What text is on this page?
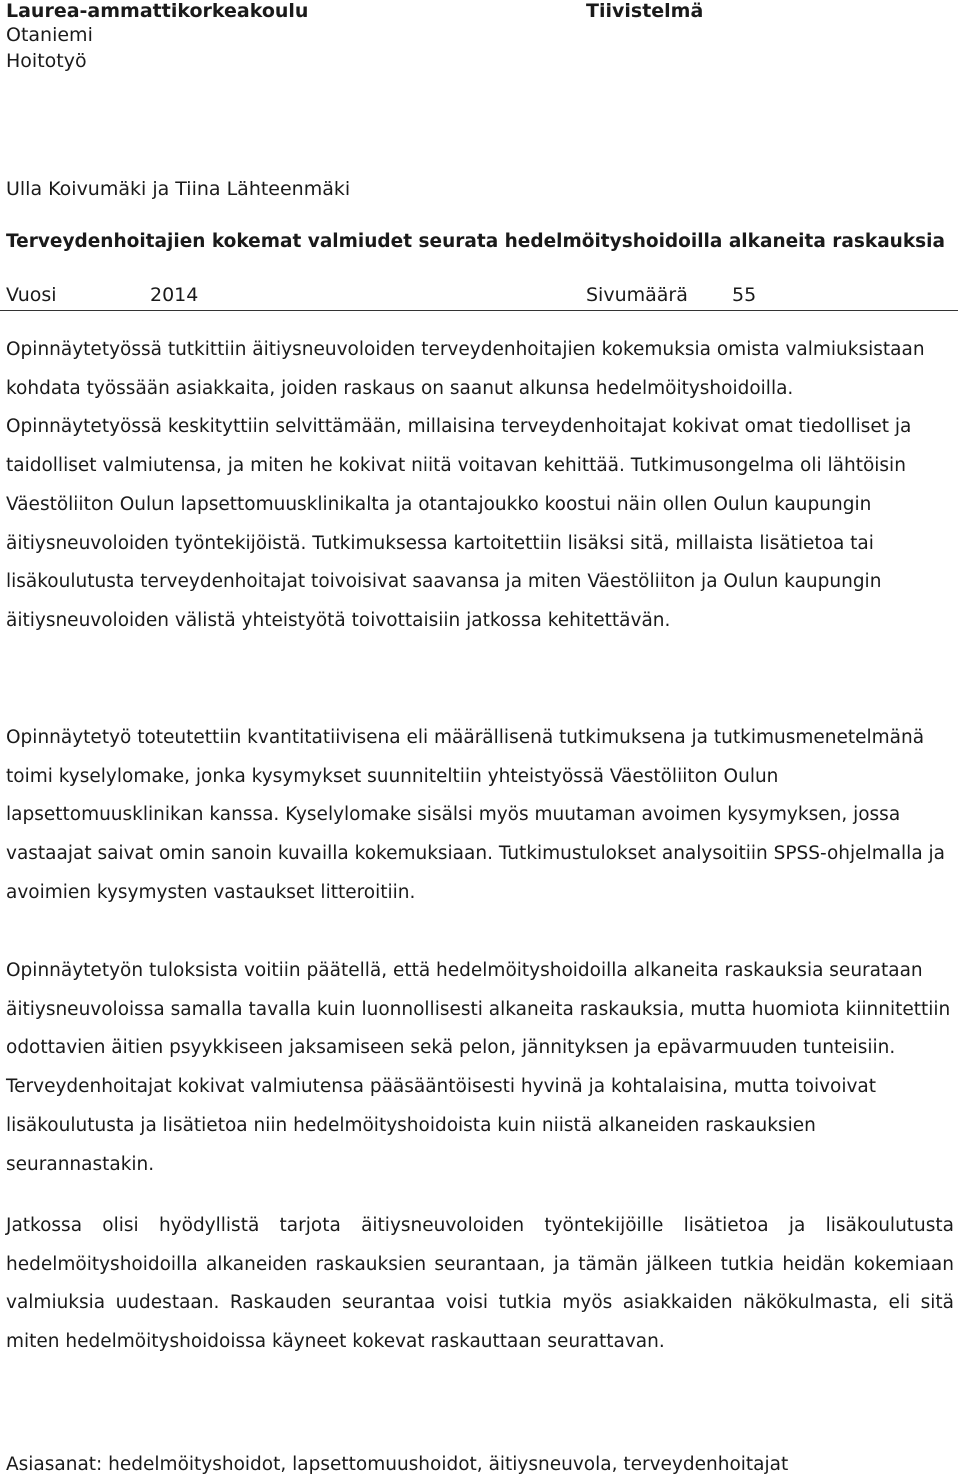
Laurea-ammattikorkeakoulu	Tiivistelmä
Otaniemi
Hoitotyö
Ulla Koivumäki ja Tiina Lähteenmäki
Terveydenhoitajien kokemat valmiudet seurata hedelmöityshoidoilla alkaneita raskauksia
Vuosi	2014	Sivumäärä 55

Opinnäytetyössä tutkittiin äitiysneuvoloiden terveydenhoitajien kokemuksia omista valmiuksistaan kohdata työssään asiakkaita, joiden raskaus on saanut alkunsa hedelmöityshoidoilla. Opinnäytetyössä keskityttiin selvittämään, millaisina terveydenhoitajat kokivat omat tiedolliset ja taidolliset valmiutensa, ja miten he kokivat niitä voitavan kehittää. Tutkimusongelma oli lähtöisin Väestöliiton Oulun lapsettomuusklinikalta ja otantajoukko koostui näin ollen Oulun kaupungin äitiysneuvoloiden työntekijöistä. Tutkimuksessa kartoitettiin lisäksi sitä, millaista lisätietoa tai lisäkoulutusta terveydenhoitajat toivoisivat saavansa ja miten Väestöliiton ja Oulun kaupungin äitiysneuvoloiden välistä yhteistyötä toivottaisiin jatkossa kehitettävän.

Opinnäytetyö toteutettiin kvantitatiivisena eli määrällisenä tutkimuksena ja tutkimusmenetelmänä toimi kyselylomake, jonka kysymykset suunniteltiin yhteistyössä Väestöliiton Oulun lapsettomuusklinikan kanssa. Kyselylomake sisälsi myös muutaman avoimen kysymyksen, jossa vastaajat saivat omin sanoin kuvailla kokemuksiaan. Tutkimustulokset analysoitiin SPSS-ohjelmalla ja avoimien kysymysten vastaukset litteroitiin.

Opinnäytetyön tuloksista voitiin päätellä, että hedelmöityshoidoilla alkaneita raskauksia seurataan äitiysneuvoloissa samalla tavalla kuin luonnollisesti alkaneita raskauksia, mutta huomiota kiinnitettiin odottavien äitien psyykkiseen jaksamiseen sekä pelon, jännityksen ja epävarmuuden tunteisiin. Terveydenhoitajat kokivat valmiutensa pääsääntöisesti hyvinä ja kohtalaisina, mutta toivoivat lisäkoulutusta ja lisätietoa niin hedelmöityshoidoista kuin niistä alkaneiden raskauksien seurannastakin.

Jatkossa olisi hyödyllistä tarjota äitiysneuvoloiden työntekijöille lisätietoa ja lisäkoulutusta hedelmöityshoidoilla alkaneiden raskauksien seurantaan, ja tämän jälkeen tutkia heidän kokemiaan valmiuksia uudestaan. Raskauden seurantaa voisi tutkia myös asiakkaiden näkökulmasta, eli sitä miten hedelmöityshoidoissa käyneet kokevat raskauttaan seurattavan.

Asiasanat: hedelmöityshoidot, lapsettomuushoidot, äitiysneuvola, terveydenhoitajat
